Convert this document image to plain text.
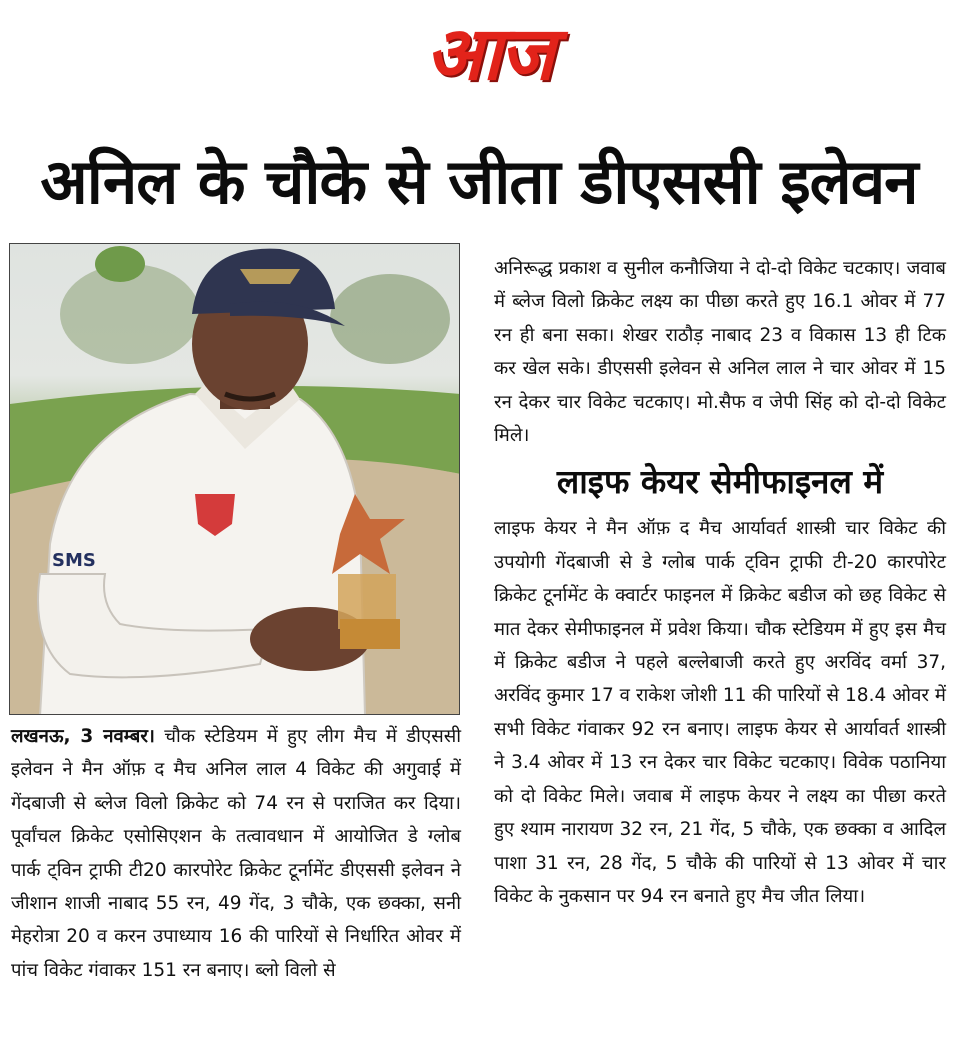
आज
अनिल के चौके से जीता डीएससी इलेवन
SMS

लखनऊ, 3 नवम्बर। चौक स्टेडियम में हुए लीग मैच में डीएससी इलेवन ने मैन ऑफ़ द मैच अनिल लाल 4 विकेट की अगुवाई में गेंदबाजी से ब्लेज विलो क्रिकेट को 74 रन से पराजित कर दिया। पूर्वांचल क्रिकेट एसोसिएशन के तत्वावधान में आयोजित डे ग्लोब पार्क ट्विन ट्राफी टी20 कारपोरेट क्रिकेट टूर्नामेंट डीएससी इलेवन ने जीशान शाजी नाबाद 55 रन, 49 गेंद, 3 चौके, एक छक्का, सनी मेहरोत्रा 20 व करन उपाध्याय 16 की पारियों से निर्धारित ओवर में पांच विकेट गंवाकर 151 रन बनाए। ब्लो विलो से

अनिरूद्ध प्रकाश व सुनील कनौजिया ने दो-दो विकेट चटकाए। जवाब में ब्लेज विलो क्रिकेट लक्ष्य का पीछा करते हुए 16.1 ओवर में 77 रन ही बना सका। शेखर राठौड़ नाबाद 23 व विकास 13 ही टिक कर खेल सके। डीएससी इलेवन से अनिल लाल ने चार ओवर में 15 रन देकर चार विकेट चटकाए। मो.सैफ व जेपी सिंह को दो-दो विकेट मिले।

लाइफ केयर सेमीफाइनल में

लाइफ केयर ने मैन ऑफ़ द मैच आर्यावर्त शास्त्री चार विकेट की उपयोगी गेंदबाजी से डे ग्लोब पार्क ट्विन ट्राफी टी-20 कारपोरेट क्रिकेट टूर्नामेंट के क्वार्टर फाइनल में क्रिकेट बडीज को छह विकेट से मात देकर सेमीफाइनल में प्रवेश किया। चौक स्टेडियम में हुए इस मैच में क्रिकेट बडीज ने पहले बल्लेबाजी करते हुए अरविंद वर्मा 37, अरविंद कुमार 17 व राकेश जोशी 11 की पारियों से 18.4 ओवर में सभी विकेट गंवाकर 92 रन बनाए। लाइफ केयर से आर्यावर्त शास्त्री ने 3.4 ओवर में 13 रन देकर चार विकेट चटकाए। विवेक पठानिया को दो विकेट मिले। जवाब में लाइफ केयर ने लक्ष्य का पीछा करते हुए श्याम नारायण 32 रन, 21 गेंद, 5 चौके, एक छक्का व आदिल पाशा 31 रन, 28 गेंद, 5 चौके की पारियों से 13 ओवर में चार विकेट के नुकसान पर 94 रन बनाते हुए मैच जीत लिया।
